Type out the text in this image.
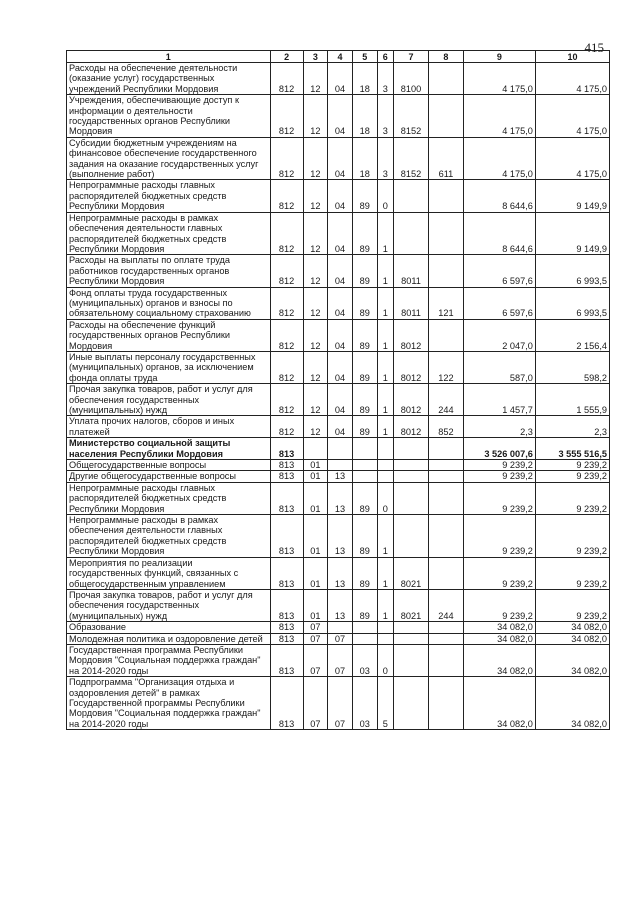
415
1	2	3	4	5	6	7	8	9	10
Расходы на обеспечение деятельности (оказание услуг) государственных учреждений Республики Мордовия	812	12	04	18	3	8100		4 175,0	4 175,0
Учреждения, обеспечивающие доступ к информации о деятельности государственных органов Республики Мордовия	812	12	04	18	3	8152		4 175,0	4 175,0
Субсидии бюджетным учреждениям на финансовое обеспечение государственного задания на оказание государственных услуг (выполнение работ)	812	12	04	18	3	8152	611	4 175,0	4 175,0
Непрограммные расходы главных распорядителей бюджетных средств Республики Мордовия	812	12	04	89	0			8 644,6	9 149,9
Непрограммные расходы в рамках обеспечения деятельности главных распорядителей бюджетных средств Республики Мордовия	812	12	04	89	1			8 644,6	9 149,9
Расходы на выплаты по оплате труда работников государственных органов Республики Мордовия	812	12	04	89	1	8011		6 597,6	6 993,5
Фонд оплаты труда государственных (муниципальных) органов и взносы по обязательному социальному страхованию	812	12	04	89	1	8011	121	6 597,6	6 993,5
Расходы на обеспечение функций государственных органов Республики Мордовия	812	12	04	89	1	8012		2 047,0	2 156,4
Иные выплаты персоналу государственных (муниципальных) органов, за исключением фонда оплаты труда	812	12	04	89	1	8012	122	587,0	598,2
Прочая закупка товаров, работ и услуг для обеспечения государственных (муниципальных) нужд	812	12	04	89	1	8012	244	1 457,7	1 555,9
Уплата прочих налогов, сборов и иных платежей	812	12	04	89	1	8012	852	2,3	2,3
Министерство социальной защиты населения Республики Мордовия	813							3 526 007,6	3 555 516,5
Общегосударственные вопросы	813	01						9 239,2	9 239,2
Другие общегосударственные вопросы	813	01	13					9 239,2	9 239,2
Непрограммные расходы главных распорядителей бюджетных средств Республики Мордовия	813	01	13	89	0			9 239,2	9 239,2
Непрограммные расходы в рамках обеспечения деятельности главных распорядителей бюджетных средств Республики Мордовия	813	01	13	89	1			9 239,2	9 239,2
Мероприятия по реализации государственных функций, связанных с общегосударственным управлением	813	01	13	89	1	8021		9 239,2	9 239,2
Прочая закупка товаров, работ и услуг для обеспечения государственных (муниципальных) нужд	813	01	13	89	1	8021	244	9 239,2	9 239,2
Образование	813	07						34 082,0	34 082,0
Молодежная политика и оздоровление детей	813	07	07					34 082,0	34 082,0
Государственная программа Республики Мордовия "Социальная поддержка граждан" на 2014-2020 годы	813	07	07	03	0			34 082,0	34 082,0
Подпрограмма "Организация отдыха и оздоровления детей" в рамках Государственной программы Республики Мордовия "Социальная поддержка граждан" на 2014-2020 годы	813	07	07	03	5			34 082,0	34 082,0
